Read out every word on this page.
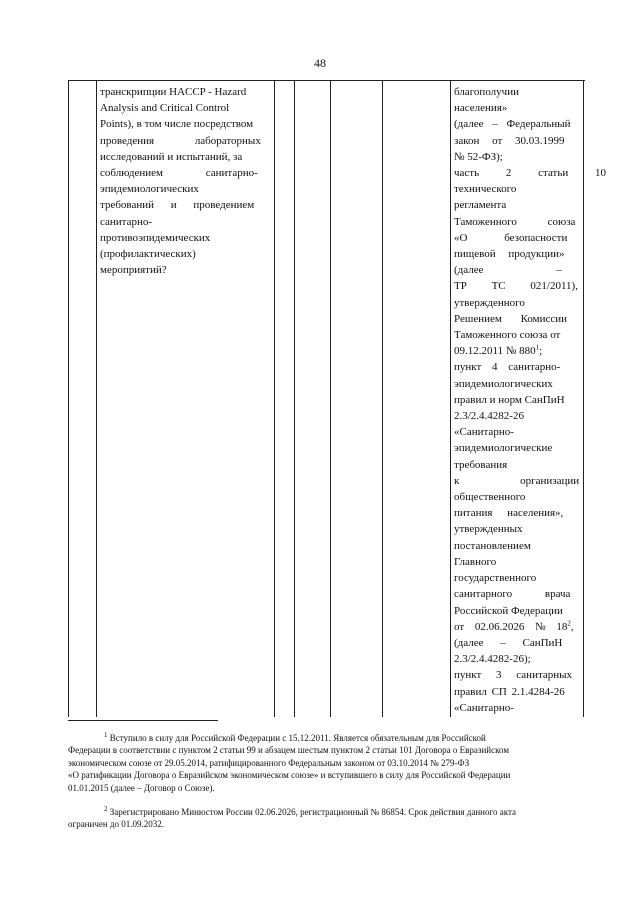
48
транскрипции HACCP - Hazard
Analysis and Critical Control
Points), в том числе посредством
проведения лабораторных
исследований и испытаний, за
соблюдением санитарно-
эпидемиологических
требований и проведением
санитарно-
противоэпидемических
(профилактических)
мероприятий?
благополучии
населения»
(далее – Федеральный
закон от 30.03.1999
№ 52-ФЗ);
часть 2 статьи 10
технического
регламента
Таможенного союза
«О безопасности
пищевой продукции»
(далее –
ТР ТС 021/2011),
утвержденного
Решением Комиссии
Таможенного союза от
09.12.2011 № $880^1$;
пункт 4 санитарно-
эпидемиологических
правил и норм СанПиН
2.3/2.4.4282-26
«Санитарно-
эпидемиологические
требования
к организации
общественного
питания населения»,
утвержденных
постановлением
Главного
государственного
санитарного врача
Российской Федерации
от 02.06.2026 № $18^2$,
(далее – СанПиН
2.3/2.4.4282-26);
пункт 3 санитарных
правил СП 2.1.4284-26
«Санитарно-
$^1$ Вступило в силу для Российской Федерации с 15.12.2011. Является обязательным для Российской
Федерации в соответствии с пунктом 2 статьи 99 и абзацем шестым пунктом 2 статьи 101 Договора о Евразийском
экономическом союзе от 29.05.2014, ратифицированного Федеральным законом от 03.10.2014 № 279-ФЗ
«О ратификации Договора о Евразийском экономическом союзе» и вступившего в силу для Российской Федерации
01.01.2015 (далее – Договор о Союзе).
$^2$ Зарегистрировано Минюстом России 02.06.2026, регистрационный № 86854. Срок действия данного акта
ограничен до 01.09.2032.
